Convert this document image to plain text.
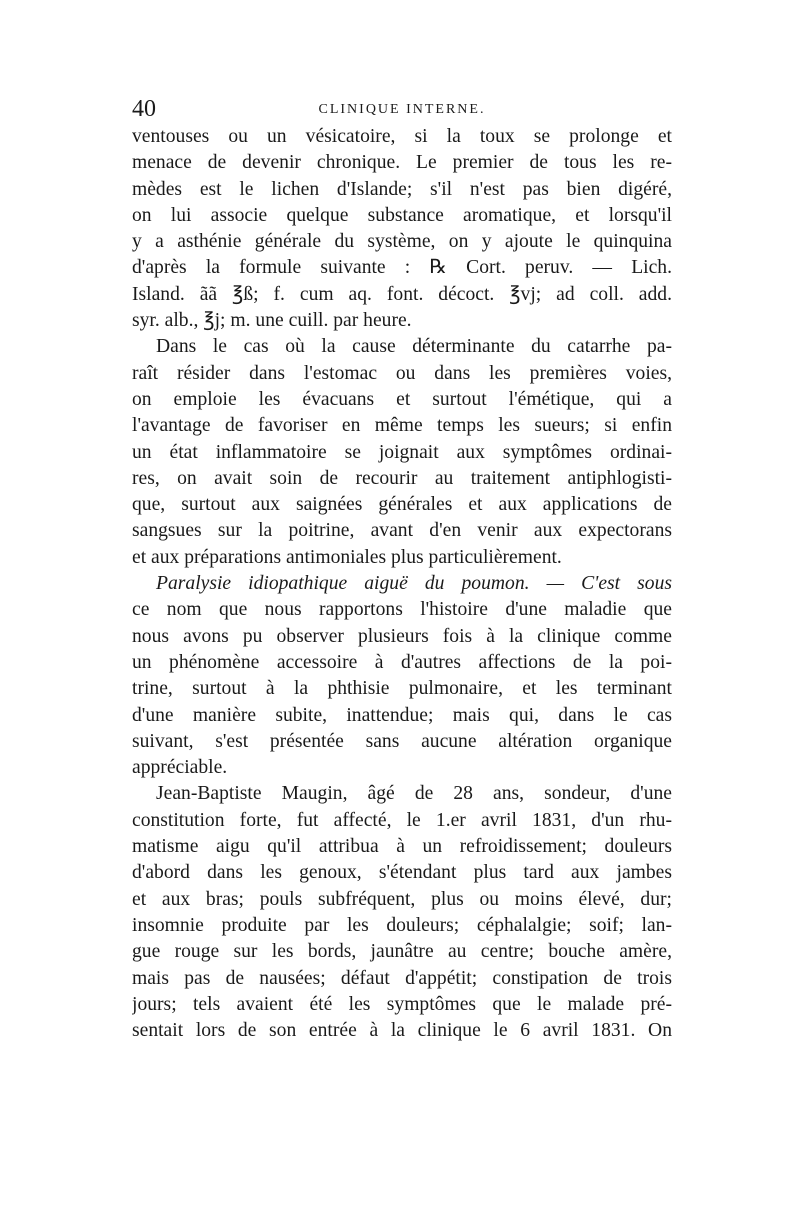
40	CLINIQUE INTERNE.
ventouses ou un vésicatoire, si la toux se prolonge et
menace de devenir chronique. Le premier de tous les re-
mèdes est le lichen d'Islande; s'il n'est pas bien digéré,
on lui associe quelque substance aromatique, et lorsqu'il
y a asthénie générale du système, on y ajoute le quinquina
d'après la formule suivante : ℞ Cort. peruv. — Lich.
Island. ãã ℥ß; f. cum aq. font. décoct. ℥vj; ad coll. add.
syr. alb., ℥j; m. une cuill. par heure.
Dans le cas où la cause déterminante du catarrhe pa-
raît résider dans l'estomac ou dans les premières voies,
on emploie les évacuans et surtout l'émétique, qui a
l'avantage de favoriser en même temps les sueurs; si enfin
un état inflammatoire se joignait aux symptômes ordinai-
res, on avait soin de recourir au traitement antiphlogisti-
que, surtout aux saignées générales et aux applications de
sangsues sur la poitrine, avant d'en venir aux expectorans
et aux préparations antimoniales plus particulièrement.
Paralysie idiopathique aiguë du poumon. — C'est sous
ce nom que nous rapportons l'histoire d'une maladie que
nous avons pu observer plusieurs fois à la clinique comme
un phénomène accessoire à d'autres affections de la poi-
trine, surtout à la phthisie pulmonaire, et les terminant
d'une manière subite, inattendue; mais qui, dans le cas
suivant, s'est présentée sans aucune altération organique
appréciable.
Jean-Baptiste Maugin, âgé de 28 ans, sondeur, d'une
constitution forte, fut affecté, le 1.er avril 1831, d'un rhu-
matisme aigu qu'il attribua à un refroidissement; douleurs
d'abord dans les genoux, s'étendant plus tard aux jambes
et aux bras; pouls subfréquent, plus ou moins élevé, dur;
insomnie produite par les douleurs; céphalalgie; soif; lan-
gue rouge sur les bords, jaunâtre au centre; bouche amère,
mais pas de nausées; défaut d'appétit; constipation de trois
jours; tels avaient été les symptômes que le malade pré-
sentait lors de son entrée à la clinique le 6 avril 1831. On
